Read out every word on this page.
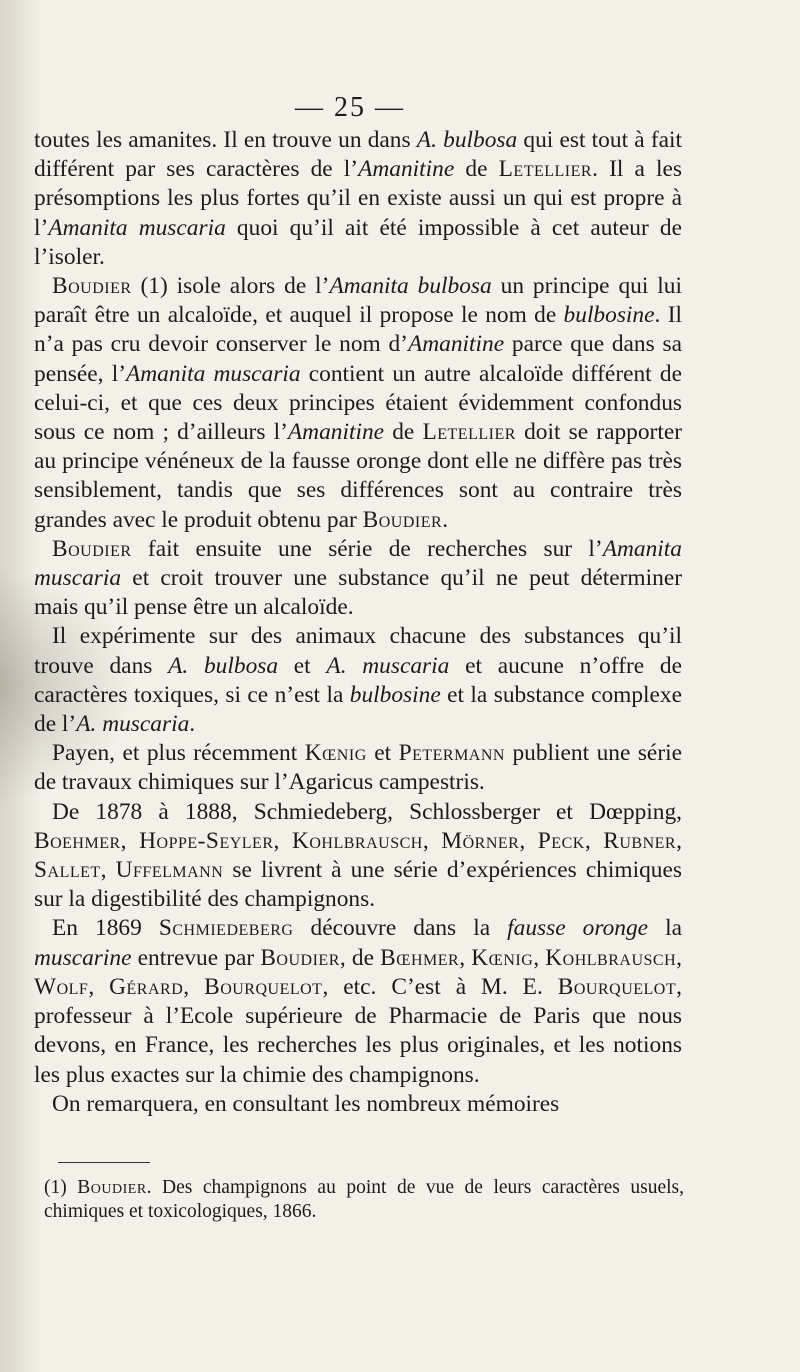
— 25 —

toutes les amanites. Il en trouve un dans A. bulbosa qui est tout à fait différent par ses caractères de l’Amanitine de Letellier. Il a les présomptions les plus fortes qu’il en existe aussi un qui est propre à l’Amanita muscaria quoi qu’il ait été impossible à cet auteur de l’isoler.

Boudier (1) isole alors de l’Amanita bulbosa un principe qui lui paraît être un alcaloïde, et auquel il propose le nom de bulbosine. Il n’a pas cru devoir conserver le nom d’Amanitine parce que dans sa pensée, l’Amanita muscaria contient un autre alcaloïde différent de celui-ci, et que ces deux principes étaient évidemment confondus sous ce nom ; d’ailleurs l’Amanitine de Letellier doit se rapporter au principe vénéneux de la fausse oronge dont elle ne diffère pas très sensiblement, tandis que ses différences sont au contraire très grandes avec le produit obtenu par Boudier.

Boudier fait ensuite une série de recherches sur l’Amanita muscaria et croit trouver une substance qu’il ne peut déterminer mais qu’il pense être un alcaloïde.

Il expérimente sur des animaux chacune des substances qu’il trouve dans A. bulbosa et A. muscaria et aucune n’offre de caractères toxiques, si ce n’est la bulbosine et la substance complexe de l’A. muscaria.

Payen, et plus récemment Kœnig et Petermann publient une série de travaux chimiques sur l’Agaricus campestris.

De 1878 à 1888, Schmiedeberg, Schlossberger et Dœpping, Boehmer, Hoppe-Seyler, Kohlbrausch, Mörner, Peck, Rubner, Sallet, Uffelmann se livrent à une série d’expériences chimiques sur la digestibilité des champignons.

En 1869 Schmiedeberg découvre dans la fausse oronge la muscarine entrevue par Boudier, de Bœhmer, Kœnig, Kohlbrausch, Wolf, Gérard, Bourquelot, etc. C’est à M. E. Bourquelot, professeur à l’Ecole supérieure de Pharmacie de Paris que nous devons, en France, les recherches les plus originales, et les notions les plus exactes sur la chimie des champignons.

On remarquera, en consultant les nombreux mémoires

(1) Boudier. Des champignons au point de vue de leurs caractères usuels, chimiques et toxicologiques, 1866.
